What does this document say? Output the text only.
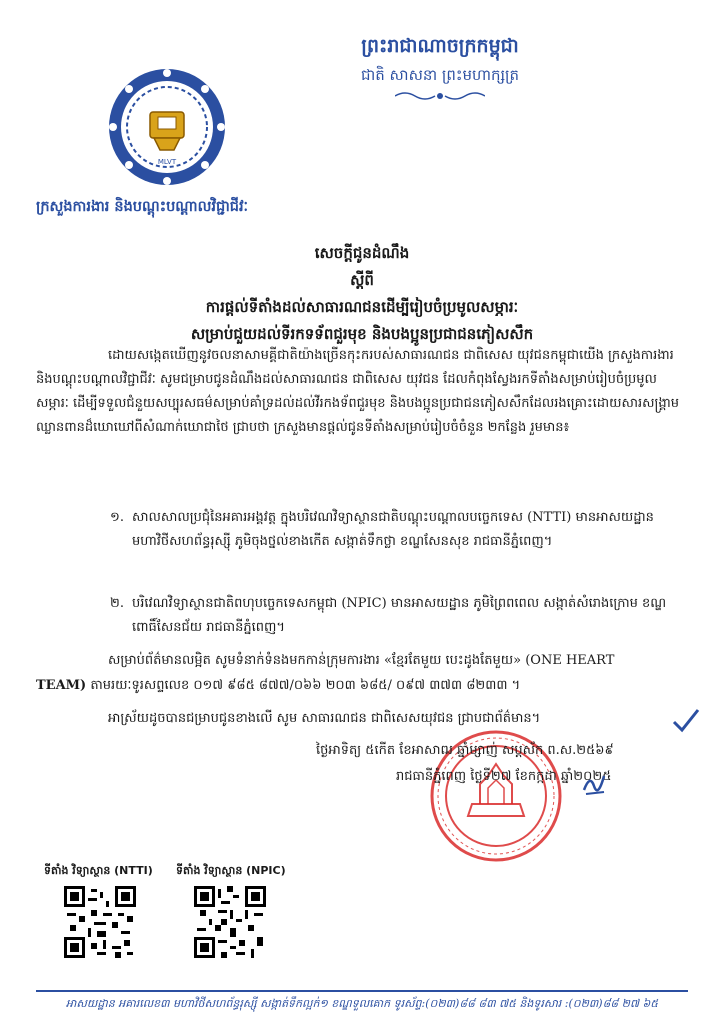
ព្រះរាជាណាចក្រកម្ពុជា
ជាតិ សាសនា ព្រះមហាក្សត្រ
MLVT
ក្រសួងការងារ និងបណ្តុះបណ្តាលវិជ្ជាជីវៈ
សេចក្តីជូនដំណឹង
ស្តីពី
ការផ្តល់ទីតាំងដល់សាធារណជនដើម្បីរៀបចំប្រមូលសម្ភារៈ
សម្រាប់ជួយដល់ទីរកទទ័ពជួរមុខ និងបងប្អូនប្រជាជនភៀសសឹក

ដោយសង្កេតឃើញនូវចលនាសាមគ្គីជាតិយ៉ាងច្រើនកុះករបស់សាធារណជន ជាពិសេស យុវជនកម្ពុជាយើង ក្រសួងការងារ និងបណ្តុះបណ្តាលវិជ្ជាជីវៈ សូមជម្រាបជូនដំណឹងដល់សាធារណជន ជាពិសេស យុវជន ដែលកំពុងស្វែងរកទីតាំងសម្រាប់រៀបចំប្រមូលសម្ភារៈ ដើម្បីទទួលជំនួយសប្បុរសធម៌សម្រាប់គាំទ្រដល់ដល់វីរកងទ័ពជួរមុខ និងបងប្អូនប្រជាជនភៀសសឹកដែលរងគ្រោះដោយសារសង្គ្រាមឈ្លានពានដ៏ឃោឃៅពីសំណាក់ឃោជាថៃ ជ្រាបថា ក្រសួងមានផ្តល់ជូនទីតាំងសម្រាប់រៀបចំចំនួន ២កន្លែង រួមមាន៖

១. សាលសាលប្រជុំនៃអគារអង្គវត្ត ក្នុងបរិវេណវិទ្យាស្ថានជាតិបណ្តុះបណ្តាលបច្ចេកទេស (NTTI) មានអាសយដ្ឋាន មហាវិថីសហព័ន្ធរុស្ស៊ី ភូមិចុងថ្នល់ខាងកើត សង្កាត់ទឹកថ្លា ខណ្ឌសែនសុខ រាជធានីភ្នំពេញ។
២. បរិវេណវិទ្យាស្ថានជាតិពហុបច្ចេកទេសកម្ពុជា (NPIC) មានអាសយដ្ឋាន ភូមិព្រៃពពេល សង្កាត់សំរោងក្រោម ខណ្ឌពោធិ៍សែនជ័យ រាជធានីភ្នំពេញ។
សម្រាប់ព័ត៌មានលម្អិត សូមទំនាក់ទំនងមកកាន់ក្រុមការងារ «ខ្មែរតែមួយ បេះដូងតែមួយ» (ONE HEART
TEAM) តាមរយៈទូរសព្ទលេខ ០១៧ ៩៨៥ ៨៧៧/០៦៦ ២០៣ ៦៨៥/ ០៩៧ ៣៧៣ ៨២៣៣ ។
អាស្រ័យដូចបានជម្រាបជូនខាងលើ សូម សាធារណជន ជាពិសេសយុវជន ជ្រាបជាព័ត៌មាន។
ថ្ងៃអាទិត្យ ៥កើត ខែអាសាឍ ឆ្នាំម្សាញ់ សប្តស័ក ព.ស.២៥៦៩
រាជធានីភ្នំពេញ ថ្ងៃទី២៧ ខែកក្កដា ឆ្នាំ២០២៥
ទីតាំង វិទ្យាស្ថាន (NTTI) ទីតាំង វិទ្យាស្ថាន (NPIC)
អាសយដ្ឋាន អគារលេខ៣ មហាវិថីសហព័ន្ធរុស្ស៊ី សង្កាត់ទឹកល្អក់១ ខណ្ឌទួលគោក ទូរស័ព្ទ:(០២៣)៨៨ ៨៣ ៧៥ និងទូរសារ :(០២៣)៨៨ ២៧ ៦៥
